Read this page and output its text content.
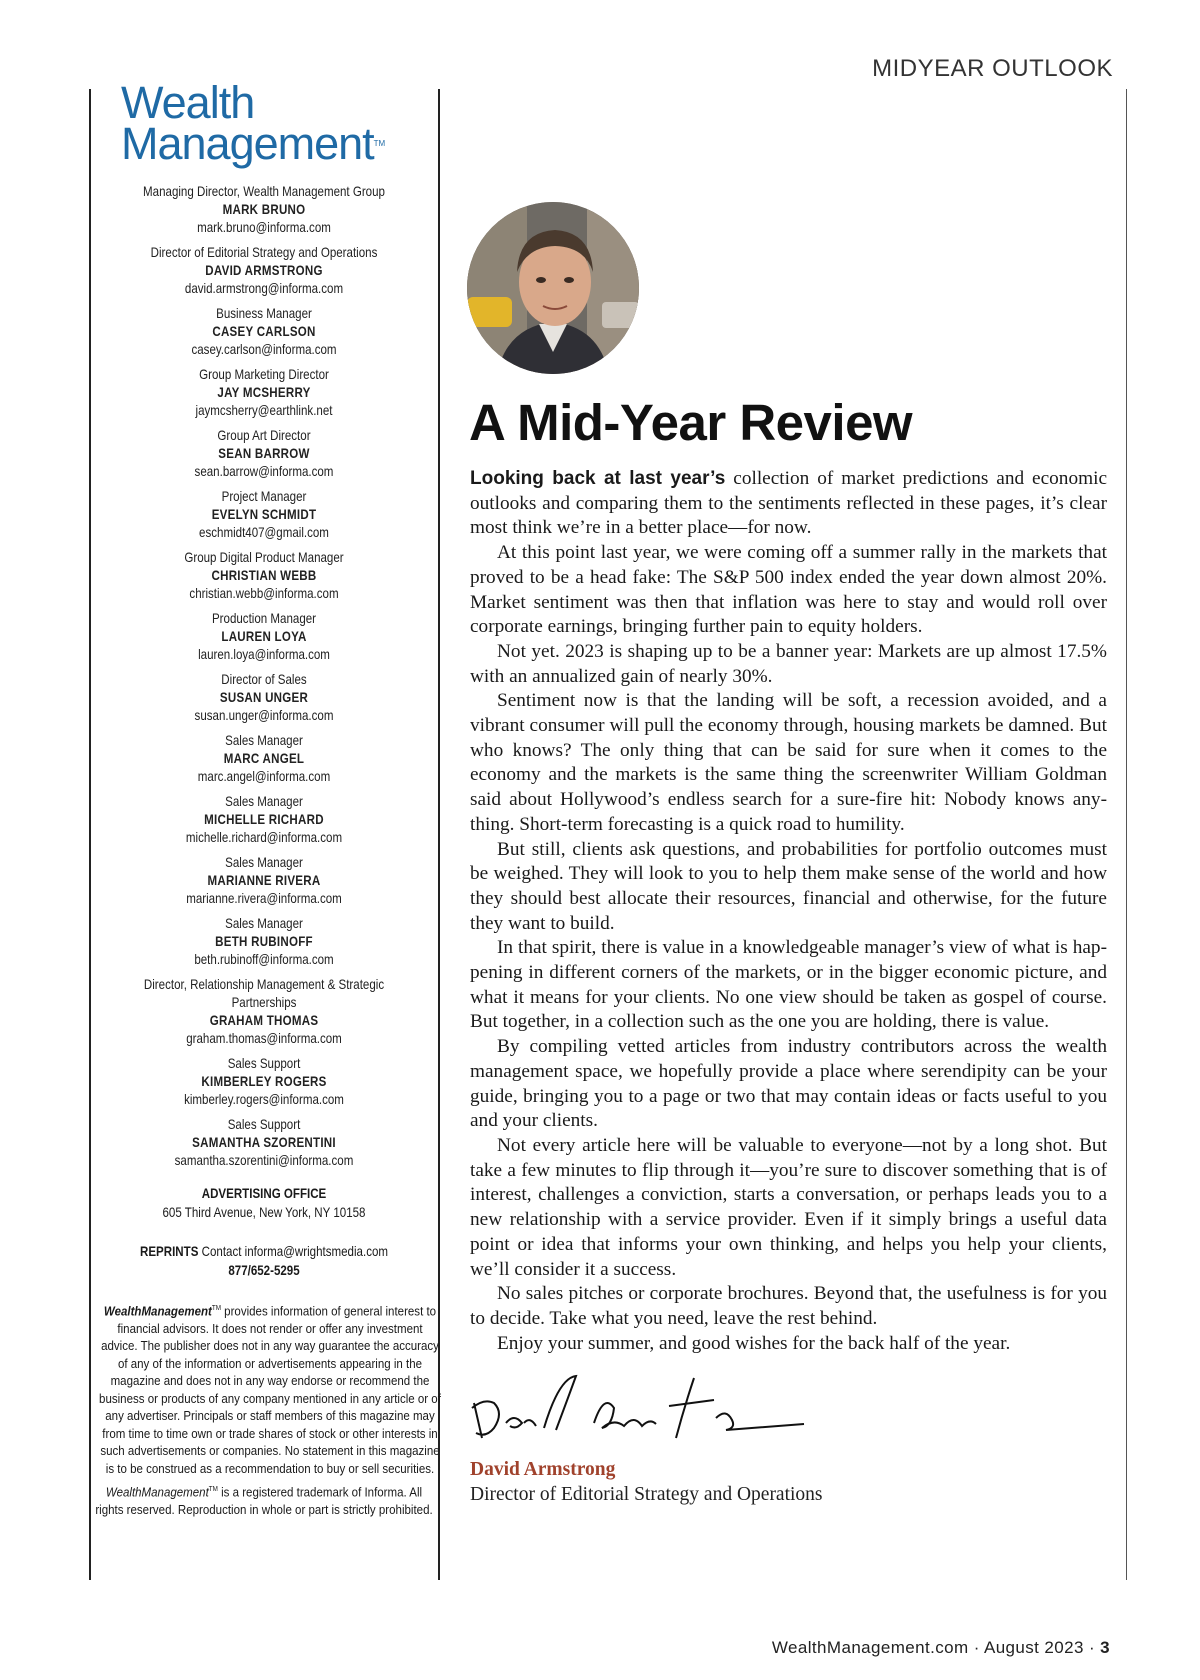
MIDYEAR OUTLOOK
Wealth
Management™
Managing Director, Wealth Management Group
MARK BRUNO
mark.bruno@informa.com
Director of Editorial Strategy and Operations
DAVID ARMSTRONG
david.armstrong@informa.com
Business Manager
CASEY CARLSON
casey.carlson@informa.com
Group Marketing Director
JAY MCSHERRY
jaymcsherry@earthlink.net
Group Art Director
SEAN BARROW
sean.barrow@informa.com
Project Manager
EVELYN SCHMIDT
eschmidt407@gmail.com
Group Digital Product Manager
CHRISTIAN WEBB
christian.webb@informa.com
Production Manager
LAUREN LOYA
lauren.loya@informa.com
Director of Sales
SUSAN UNGER
susan.unger@informa.com
Sales Manager
MARC ANGEL
marc.angel@informa.com
Sales Manager
MICHELLE RICHARD
michelle.richard@informa.com
Sales Manager
MARIANNE RIVERA
marianne.rivera@informa.com
Sales Manager
BETH RUBINOFF
beth.rubinoff@informa.com
Director, Relationship Management & Strategic Partnerships
GRAHAM THOMAS
graham.thomas@informa.com
Sales Support
KIMBERLEY ROGERS
kimberley.rogers@informa.com
Sales Support
SAMANTHA SZORENTINI
samantha.szorentini@informa.com
ADVERTISING OFFICE
605 Third Avenue, New York, NY 10158
REPRINTS Contact informa@wrightsmedia.com
877/652-5295
WealthManagement™ provides information of general interest to financial advisors. It does not render or offer any investment advice. The publisher does not in any way guarantee the accuracy of any of the information or advertisements appearing in the magazine and does not in any way endorse or recommend the business or products of any company mentioned in any article or of any advertiser. Principals or staff members of this magazine may from time to time own or trade shares of stock or other interests in such advertisements or companies. No statement in this magazine is to be construed as a recommendation to buy or sell securities.
WealthManagement™ is a registered trademark of Informa. All rights reserved. Reproduction in whole or part is strictly prohibited.
A Mid-Year Review

Looking back at last year’s collection of market predictions and economic outlooks and comparing them to the sentiments reflected in these pages, it’s clear most think we’re in a better place—for now.

At this point last year, we were coming off a summer rally in the markets that proved to be a head fake: The S&P 500 index ended the year down almost 20%. Market sentiment was then that inflation was here to stay and would roll over corporate earnings, bringing further pain to equity holders.

Not yet. 2023 is shaping up to be a banner year: Markets are up almost 17.5% with an annualized gain of nearly 30%.

Sentiment now is that the landing will be soft, a recession avoided, and a vibrant consumer will pull the economy through, housing markets be damned. But who knows? The only thing that can be said for sure when it comes to the economy and the markets is the same thing the screenwriter William Goldman said about Hollywood’s endless search for a sure-fire hit: Nobody knows anything. Short-term forecasting is a quick road to humility.

But still, clients ask questions, and probabilities for portfolio outcomes must be weighed. They will look to you to help them make sense of the world and how they should best allocate their resources, financial and otherwise, for the future they want to build.

In that spirit, there is value in a knowledgeable manager’s view of what is happening in different corners of the markets, or in the bigger economic picture, and what it means for your clients. No one view should be taken as gospel of course. But together, in a collection such as the one you are holding, there is value.

By compiling vetted articles from industry contributors across the wealth management space, we hopefully provide a place where serendipity can be your guide, bringing you to a page or two that may contain ideas or facts useful to you and your clients.

Not every article here will be valuable to everyone—not by a long shot. But take a few minutes to flip through it—you’re sure to discover something that is of interest, challenges a conviction, starts a conversation, or perhaps leads you to a new relationship with a service provider. Even if it simply brings a useful data point or idea that informs your own thinking, and helps you help your clients, we’ll consider it a success.

No sales pitches or corporate brochures. Beyond that, the usefulness is for you to decide. Take what you need, leave the rest behind.

Enjoy your summer, and good wishes for the back half of the year.

David Armstrong
Director of Editorial Strategy and Operations
WealthManagement.com · August 2023 · 3
